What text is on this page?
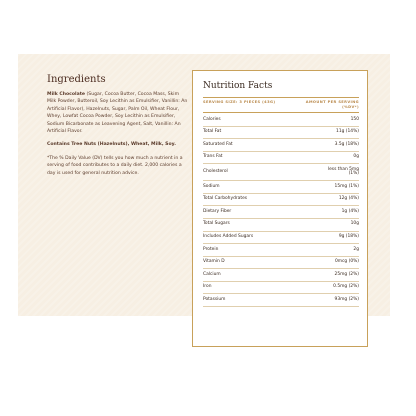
Ingredients

Milk Chocolate (Sugar, Cocoa Butter, Cocoa Mass, Skim Milk Powder, Butteroil, Soy Lecithin as Emulsifier, Vanillin: An Artificial Flavor), Hazelnuts, Sugar, Palm Oil, Wheat Flour, Whey, Lowfat Cocoa Powder, Soy Lecithin as Emulsifier, Sodium Bicarbonate as Leavening Agent, Salt, Vanillin: An Artificial Flavor.

Contains Tree Nuts (Hazelnuts), Wheat, Milk, Soy.

*The % Daily Value (DV) tells you how much a nutrient in a serving of food contributes to a daily diet. 2,000 calories a day is used for general nutrition advice.

Nutrition Facts
SERVING SIZE: 3 PIECES (43G)	AMOUNT PER SERVING (%DV*)
Calories	150
Total Fat	11g (14%)
Saturated Fat	3.5g (18%)
Trans Fat	0g
Cholesterol	less than 5mg (1%)
Sodium	15mg (1%)
Total Carbohydrates	12g (4%)
Dietary Fiber	1g (4%)
Total Sugars	10g
Includes Added Sugars	9g (18%)
Protein	2g
Vitamin D	0mcg (0%)
Calcium	25mg (2%)
Iron	0.5mg (2%)
Potassium	93mg (2%)
